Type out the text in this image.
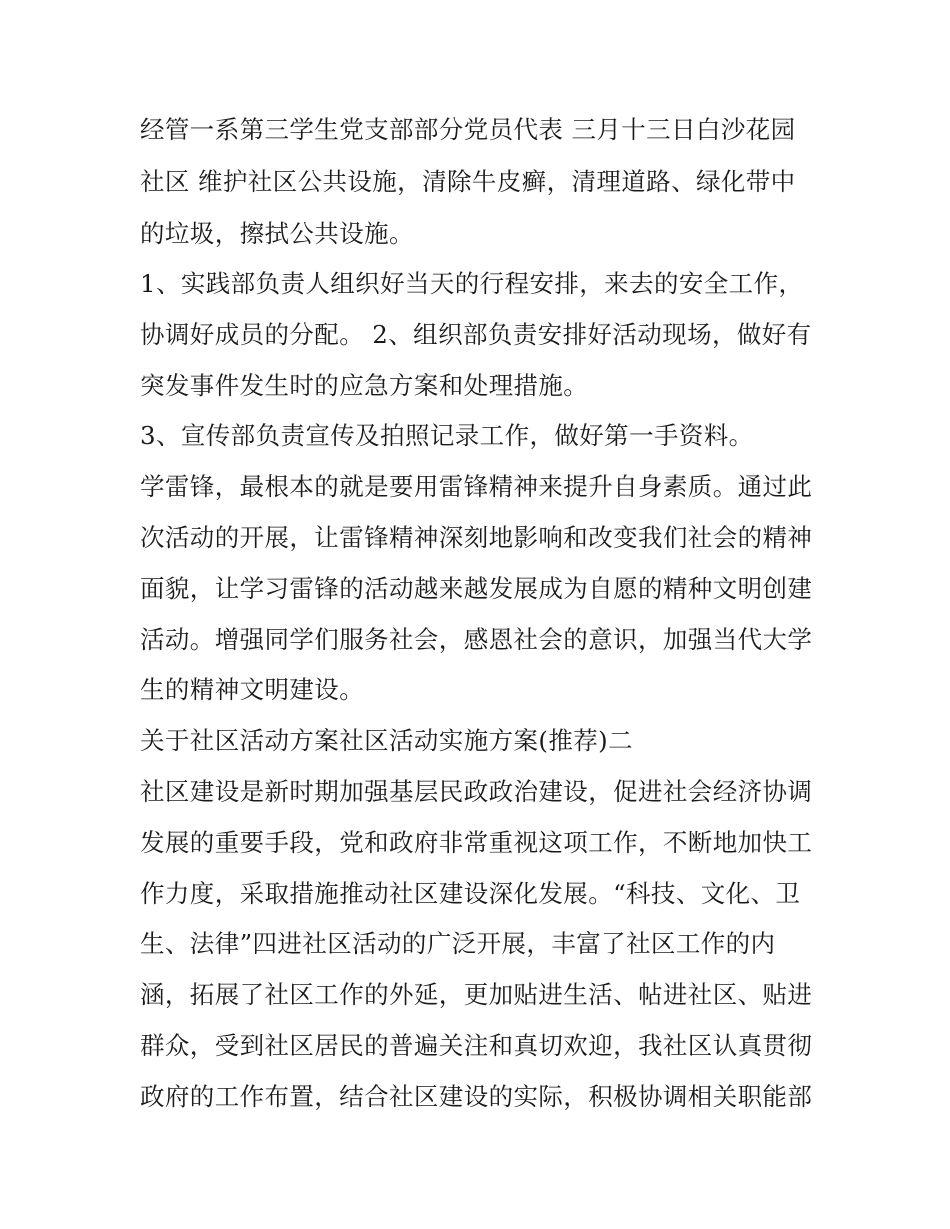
经管一系第三学生党支部部分党员代表 三月十三日白沙花园
社区 维护社区公共设施，清除牛皮癣，清理道路、绿化带中
的垃圾，擦拭公共设施。
1、实践部负责人组织好当天的行程安排，来去的安全工作，
协调好成员的分配。 2、组织部负责安排好活动现场，做好有
突发事件发生时的应急方案和处理措施。
3、宣传部负责宣传及拍照记录工作，做好第一手资料。
学雷锋，最根本的就是要用雷锋精神来提升自身素质。通过此
次活动的开展，让雷锋精神深刻地影响和改变我们社会的精神
面貌，让学习雷锋的活动越来越发展成为自愿的精种文明创建
活动。增强同学们服务社会，感恩社会的意识，加强当代大学
生的精神文明建设。
关于社区活动方案社区活动实施方案(推荐)二
社区建设是新时期加强基层民政政治建设，促进社会经济协调
发展的重要手段，党和政府非常重视这项工作，不断地加快工
作力度，采取措施推动社区建设深化发展。“科技、文化、卫
生、法律”四进社区活动的广泛开展，丰富了社区工作的内
涵，拓展了社区工作的外延，更加贴进生活、帖进社区、贴进
群众，受到社区居民的普遍关注和真切欢迎，我社区认真贯彻
政府的工作布置，结合社区建设的实际，积极协调相关职能部
